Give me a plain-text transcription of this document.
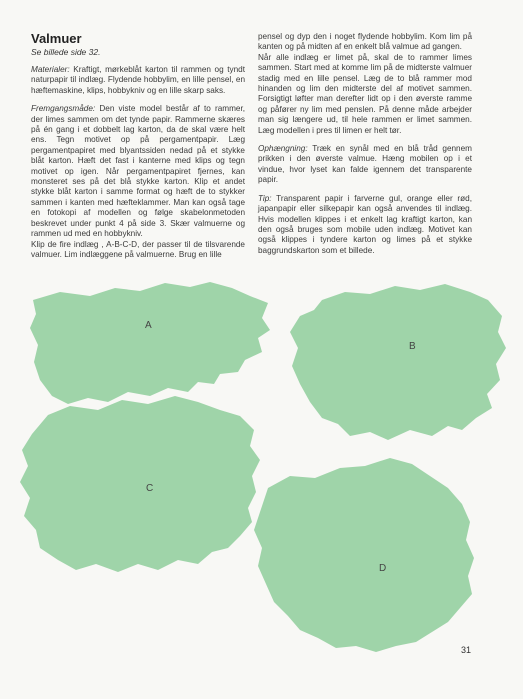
A
B
C
D
Valmuer

Se billede side 32.

Materialer: Kraftigt, mørkeblåt karton til rammen og tyndt naturpapir til indlæg. Flydende hobbylim, en lille pensel, en hæftemaskine, klips, hobbykniv og en lille skarp saks.

Fremgangsmåde: Den viste model består af to rammer, der limes sammen om det tynde papir. Rammerne skæres på én gang i et dobbelt lag karton, da de skal være helt ens. Tegn motivet op på pergamentpapir. Læg pergamentpapiret med blyantssiden nedad på et stykke blåt karton. Hæft det fast i kanterne med klips og tegn motivet op igen. Når pergamentpapiret fjernes, kan monsteret ses på det blå stykke karton. Klip et andet stykke blåt karton i samme format og hæft de to stykker sammen i kanten med hæfteklammer. Man kan også tage en fotokopi af modellen og følge skabelonmetoden beskrevet under punkt 4 på side 3. Skær valmuerne og rammen ud med en hobbykniv.

Klip de fire indlæg , A-B-C-D, der passer til de tilsvarende valmuer. Lim indlæggene på valmuerne. Brug en lille

pensel og dyp den i noget flydende hobbylim. Kom lim på kanten og på midten af en enkelt blå valmue ad gangen.

Når alle indlæg er limet på, skal de to rammer limes sammen. Start med at komme lim på de midterste valmuer stadig med en lille pensel. Læg de to blå rammer mod hinanden og lim den midterste del af motivet sammen. Forsigtigt løfter man derefter lidt op i den øverste ramme og påfører ny lim med penslen. På denne måde arbejder man sig længere ud, til hele rammen er limet sammen. Læg modellen i pres til limen er helt tør.

Ophængning: Træk en synål med en blå tråd gennem prikken i den øverste valmue. Hæng mobilen op i et vindue, hvor lyset kan falde igennem det transparente papir.

Tip: Transparent papir i farverne gul, orange eller rød, japanpapir eller silkepapir kan også anvendes til indlæg. Hvis modellen klippes i et enkelt lag kraftigt karton, kan den også bruges som mobile uden indlæg. Motivet kan også klippes i tyndere karton og limes på et stykke baggrundskarton som et billede.

31
